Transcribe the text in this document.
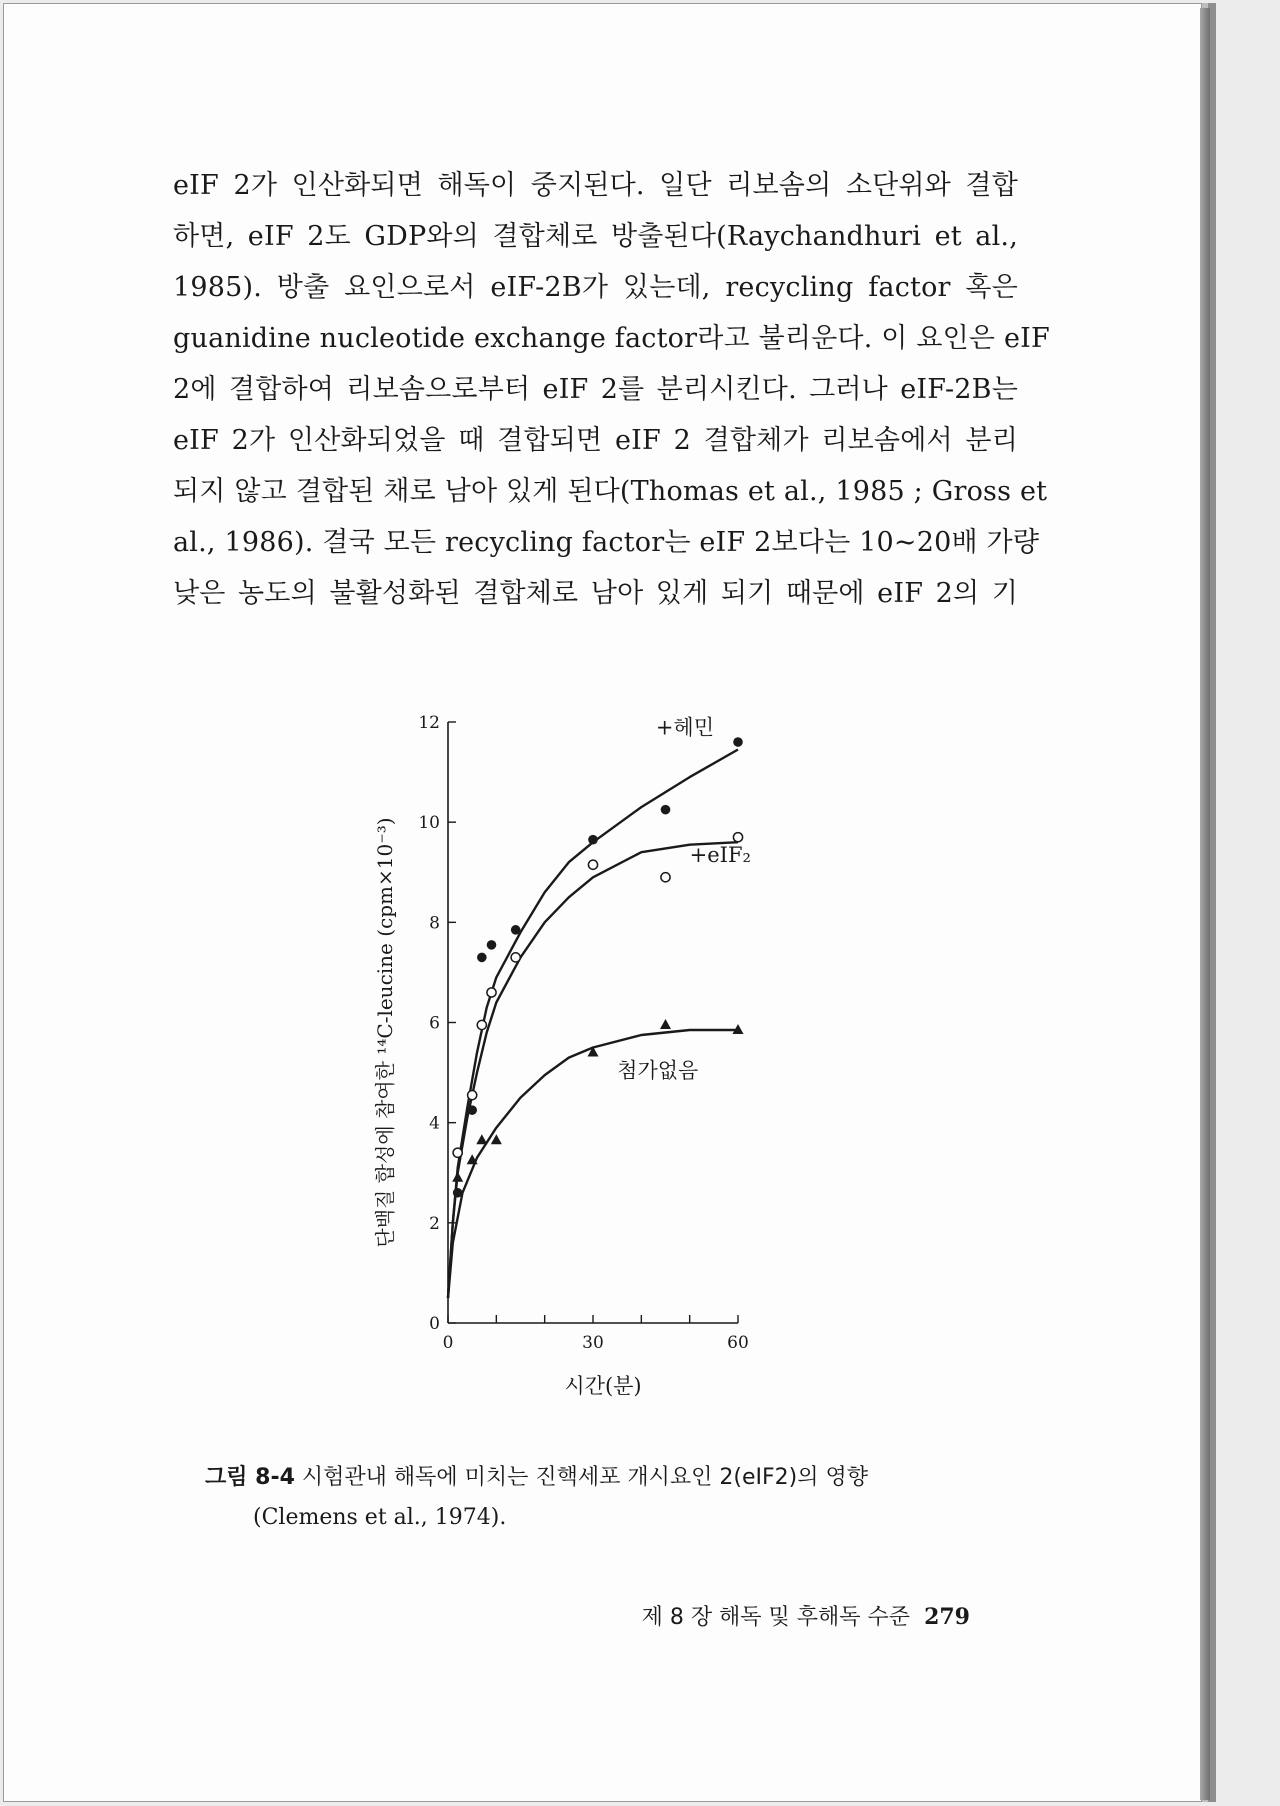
eIF 2가 인산화되면 해독이 중지된다. 일단 리보솜의 소단위와 결합
하면, eIF 2도 GDP와의 결합체로 방출된다(Raychandhuri et al.,
1985). 방출 요인으로서 eIF-2B가 있는데, recycling factor 혹은
guanidine nucleotide exchange factor라고 불리운다. 이 요인은 eIF
2에 결합하여 리보솜으로부터 eIF 2를 분리시킨다. 그러나 eIF-2B는
eIF 2가 인산화되었을 때 결합되면 eIF 2 결합체가 리보솜에서 분리
되지 않고 결합된 채로 남아 있게 된다(Thomas et al., 1985 ; Gross et
al., 1986). 결국 모든 recycling factor는 eIF 2보다는 10~20배 가량
낮은 농도의 불활성화된 결합체로 남아 있게 되기 때문에 eIF 2의 기
0
2
4
6
8
10
12
0	30	60
시간(분)
단백질 합성에 참여한 ¹⁴C-leucine (cpm×10⁻³)
+헤민
+eIF₂
첨가없음
그림 8-4 시험관내 해독에 미치는 진핵세포 개시요인 2(eIF2)의 영향
(Clemens et al., 1974).
제 8 장 해독 및 후해독 수준 279
